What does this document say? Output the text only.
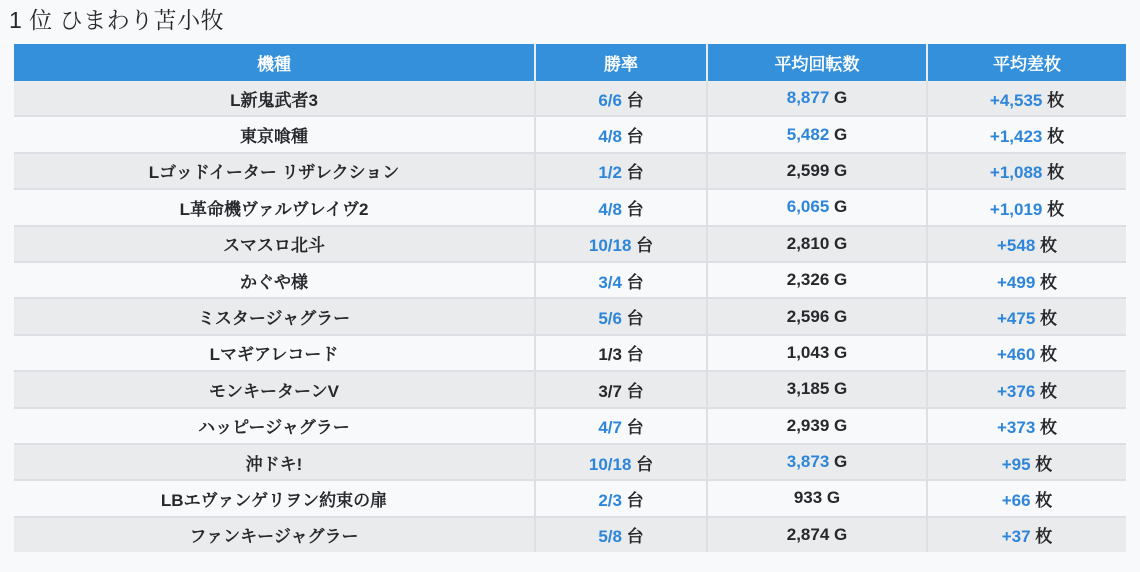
1 位 ひまわり苫小牧
機種	勝率	平均回転数	平均差枚
L新鬼武者3	6/6 台	8,877 G	+4,535 枚
東京喰種	4/8 台	5,482 G	+1,423 枚
Lゴッドイーター リザレクション	1/2 台	2,599 G	+1,088 枚
L革命機ヴァルヴレイヴ2	4/8 台	6,065 G	+1,019 枚
スマスロ北斗	10/18 台	2,810 G	+548 枚
かぐや様	3/4 台	2,326 G	+499 枚
ミスタージャグラー	5/6 台	2,596 G	+475 枚
Lマギアレコード	1/3 台	1,043 G	+460 枚
モンキーターンV	3/7 台	3,185 G	+376 枚
ハッピージャグラー	4/7 台	2,939 G	+373 枚
沖ドキ!	10/18 台	3,873 G	+95 枚
LBエヴァンゲリヲン約束の扉	2/3 台	933 G	+66 枚
ファンキージャグラー	5/8 台	2,874 G	+37 枚
